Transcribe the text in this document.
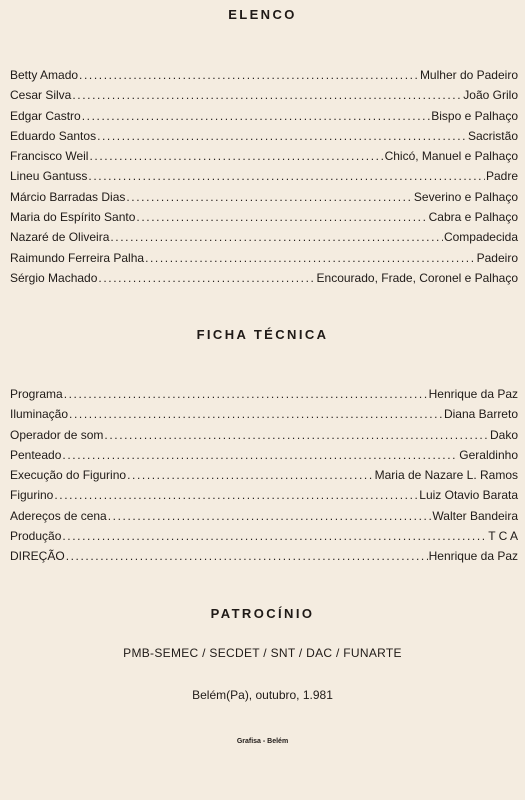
ELENCO
Betty Amado .....	Mulher do Padeiro
Cesar Silva .....	João Grilo
Edgar Castro .....	Bispo e Palhaço
Eduardo Santos .....	Sacristão
Francisco Weil .....	Chicó, Manuel e Palhaço
Lineu Gantuss .....	Padre
Márcio Barradas Dias .....	Severino e Palhaço
Maria do Espírito Santo .....	Cabra e Palhaço
Nazaré de Oliveira .....	Compadecida
Raimundo Ferreira Palha .....	Padeiro
Sérgio Machado .....	Encourado, Frade, Coronel e Palhaço
FICHA TÉCNICA
Programa .....	Henrique da Paz
Iluminação .....	Diana Barreto
Operador de som .....	Dako
Penteado .....	Geraldinho
Execução do Figurino .....	Maria de Nazare L. Ramos
Figurino .....	Luiz Otavio Barata
Adereços de cena .....	Walter Bandeira
Produção .....	T C A
DIREÇÃO .....	Henrique da Paz
PATROCÍNIO
PMB-SEMEC / SECDET / SNT / DAC / FUNARTE
Belém(Pa), outubro, 1.981
Grafisa - Belém
